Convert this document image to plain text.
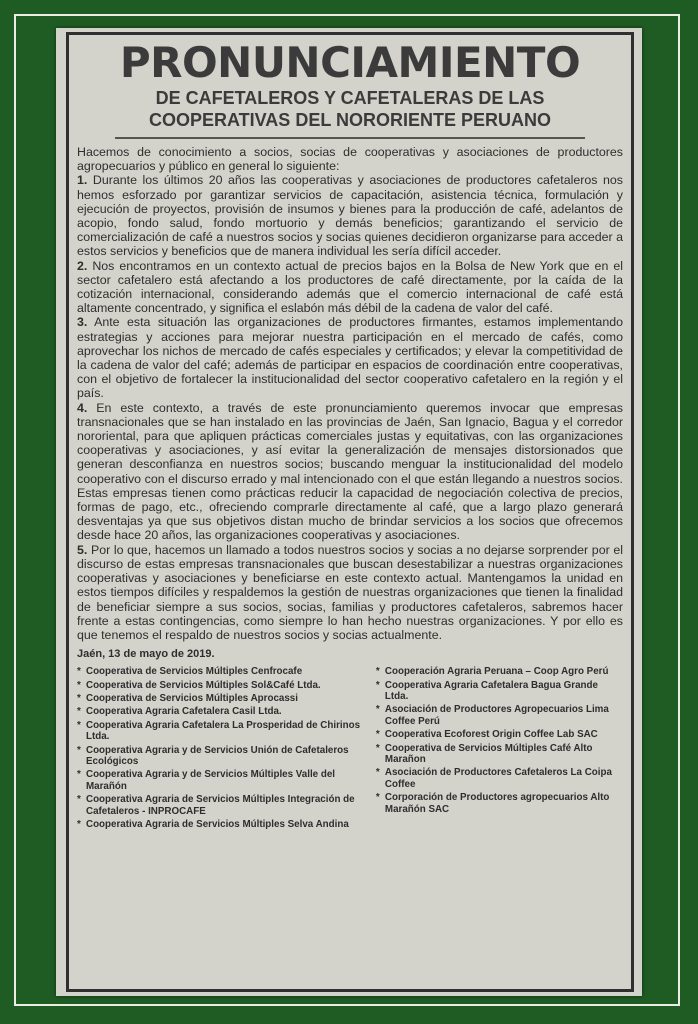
PRONUNCIAMIENTO
DE CAFETALEROS Y CAFETALERAS DE LAS
COOPERATIVAS DEL NORORIENTE PERUANO

Hacemos de conocimiento a socios, socias de cooperativas y asociaciones de productores agropecuarios y público en general lo siguiente:

1. Durante los últimos 20 años las cooperativas y asociaciones de productores cafetaleros nos hemos esforzado por garantizar servicios de capacitación, asistencia técnica, formulación y ejecución de proyectos, provisión de insumos y bienes para la producción de café, adelantos de acopio, fondo salud, fondo mortuorio y demás beneficios; garantizando el servicio de comercialización de café a nuestros socios y socias quienes decidieron organizarse para acceder a estos servicios y beneficios que de manera individual les sería difícil acceder.

2. Nos encontramos en un contexto actual de precios bajos en la Bolsa de New York que en el sector cafetalero está afectando a los productores de café directamente, por la caída de la cotización internacional, considerando además que el comercio internacional de café está altamente concentrado, y significa el eslabón más débil de la cadena de valor del café.

3. Ante esta situación las organizaciones de productores firmantes, estamos implementando estrategias y acciones para mejorar nuestra participación en el mercado de cafés, como aprovechar los nichos de mercado de cafés especiales y certificados; y elevar la competitividad de la cadena de valor del café; además de participar en espacios de coordinación entre cooperativas, con el objetivo de fortalecer la institucionalidad del sector cooperativo cafetalero en la región y el país.

4. En este contexto, a través de este pronunciamiento queremos invocar que empresas transnacionales que se han instalado en las provincias de Jaén, San Ignacio, Bagua y el corredor nororiental, para que apliquen prácticas comerciales justas y equitativas, con las organizaciones cooperativas y asociaciones, y así evitar la generalización de mensajes distorsionados que generan desconfianza en nuestros socios; buscando menguar la institucionalidad del modelo cooperativo con el discurso errado y mal intencionado con el que están llegando a nuestros socios. Estas empresas tienen como prácticas reducir la capacidad de negociación colectiva de precios, formas de pago, etc., ofreciendo comprarle directamente al café, que a largo plazo generará desventajas ya que sus objetivos distan mucho de brindar servicios a los socios que ofrecemos desde hace 20 años, las organizaciones cooperativas y asociaciones.

5. Por lo que, hacemos un llamado a todos nuestros socios y socias a no dejarse sorprender por el discurso de estas empresas transnacionales que buscan desestabilizar a nuestras organizaciones cooperativas y asociaciones y beneficiarse en este contexto actual. Mantengamos la unidad en estos tiempos difíciles y respaldemos la gestión de nuestras organizaciones que tienen la finalidad de beneficiar siempre a sus socios, socias, familias y productores cafetaleros, sabremos hacer frente a estas contingencias, como siempre lo han hecho nuestras organizaciones. Y por ello es que tenemos el respaldo de nuestros socios y socias actualmente.

Jaén, 13 de mayo de 2019.
* Cooperativa de Servicios Múltiples Cenfrocafe
* Cooperativa de Servicios Múltiples Sol&Café Ltda.
* Cooperativa de Servicios Múltiples Aprocassi
* Cooperativa Agraria Cafetalera Casil Ltda.
* Cooperativa Agraria Cafetalera La Prosperidad de Chirinos Ltda.
* Cooperativa Agraria y de Servicios Unión de Cafetaleros Ecológicos
* Cooperativa Agraria y de Servicios Múltiples Valle del Marañón
* Cooperativa Agraria de Servicios Múltiples Integración de Cafetaleros - INPROCAFE
* Cooperativa Agraria de Servicios Múltiples Selva Andina
* Cooperación Agraria Peruana – Coop Agro Perú
* Cooperativa Agraria Cafetalera Bagua Grande Ltda.
* Asociación de Productores Agropecuarios Lima Coffee Perú
* Cooperativa Ecoforest Origin Coffee Lab SAC
* Cooperativa de Servicios Múltiples Café Alto Marañon
* Asociación de Productores Cafetaleros La Coipa Coffee
* Corporación de Productores agropecuarios Alto Marañón SAC
